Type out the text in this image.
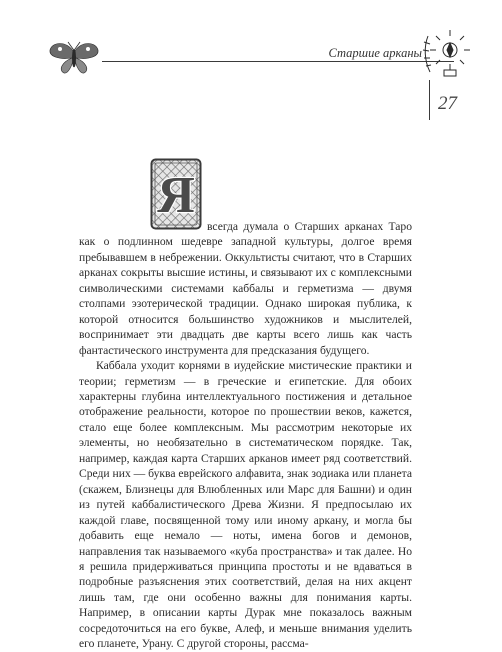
Старшие арканы
27
Я

всегда думала о Старших арканах Таро как о подлинном шедевре западной культуры, долгое время пребывавшем в небрежении. Оккультисты считают, что в Старших арканах сокрыты высшие истины, и связывают их с комплексными символическими системами каббалы и герметизма — двумя столпами эзотерической традиции. Однако широкая публика, к которой относится большинство художников и мыслителей, воспринимает эти двадцать две карты всего лишь как часть фантастического инструмента для предсказания будущего.

Каббала уходит корнями в иудейские мистические практики и теории; герметизм — в греческие и египетские. Для обоих характерны глубина интеллектуального постижения и детальное отображение реальности, которое по прошествии веков, кажется, стало еще более комплексным. Мы рассмотрим некоторые их элементы, но необязательно в систематическом порядке. Так, например, каждая карта Старших арканов имеет ряд соответствий. Среди них — буква еврейского алфавита, знак зодиака или планета (скажем, Близнецы для Влюбленных или Марс для Башни) и один из путей каббалистического Древа Жизни. Я предпосылаю их каждой главе, посвященной тому или иному аркану, и могла бы добавить еще немало — ноты, имена богов и демонов, направления так называемого «куба пространства» и так далее. Но я решила придерживаться принципа простоты и не вдаваться в подробные разъяснения этих соответствий, делая на них акцент лишь там, где они особенно важны для понимания карты. Например, в описании карты Дурак мне показалось важным сосредоточиться на его букве, Алеф, и меньше внимания уделить его планете, Урану. С другой стороны, рассма-
